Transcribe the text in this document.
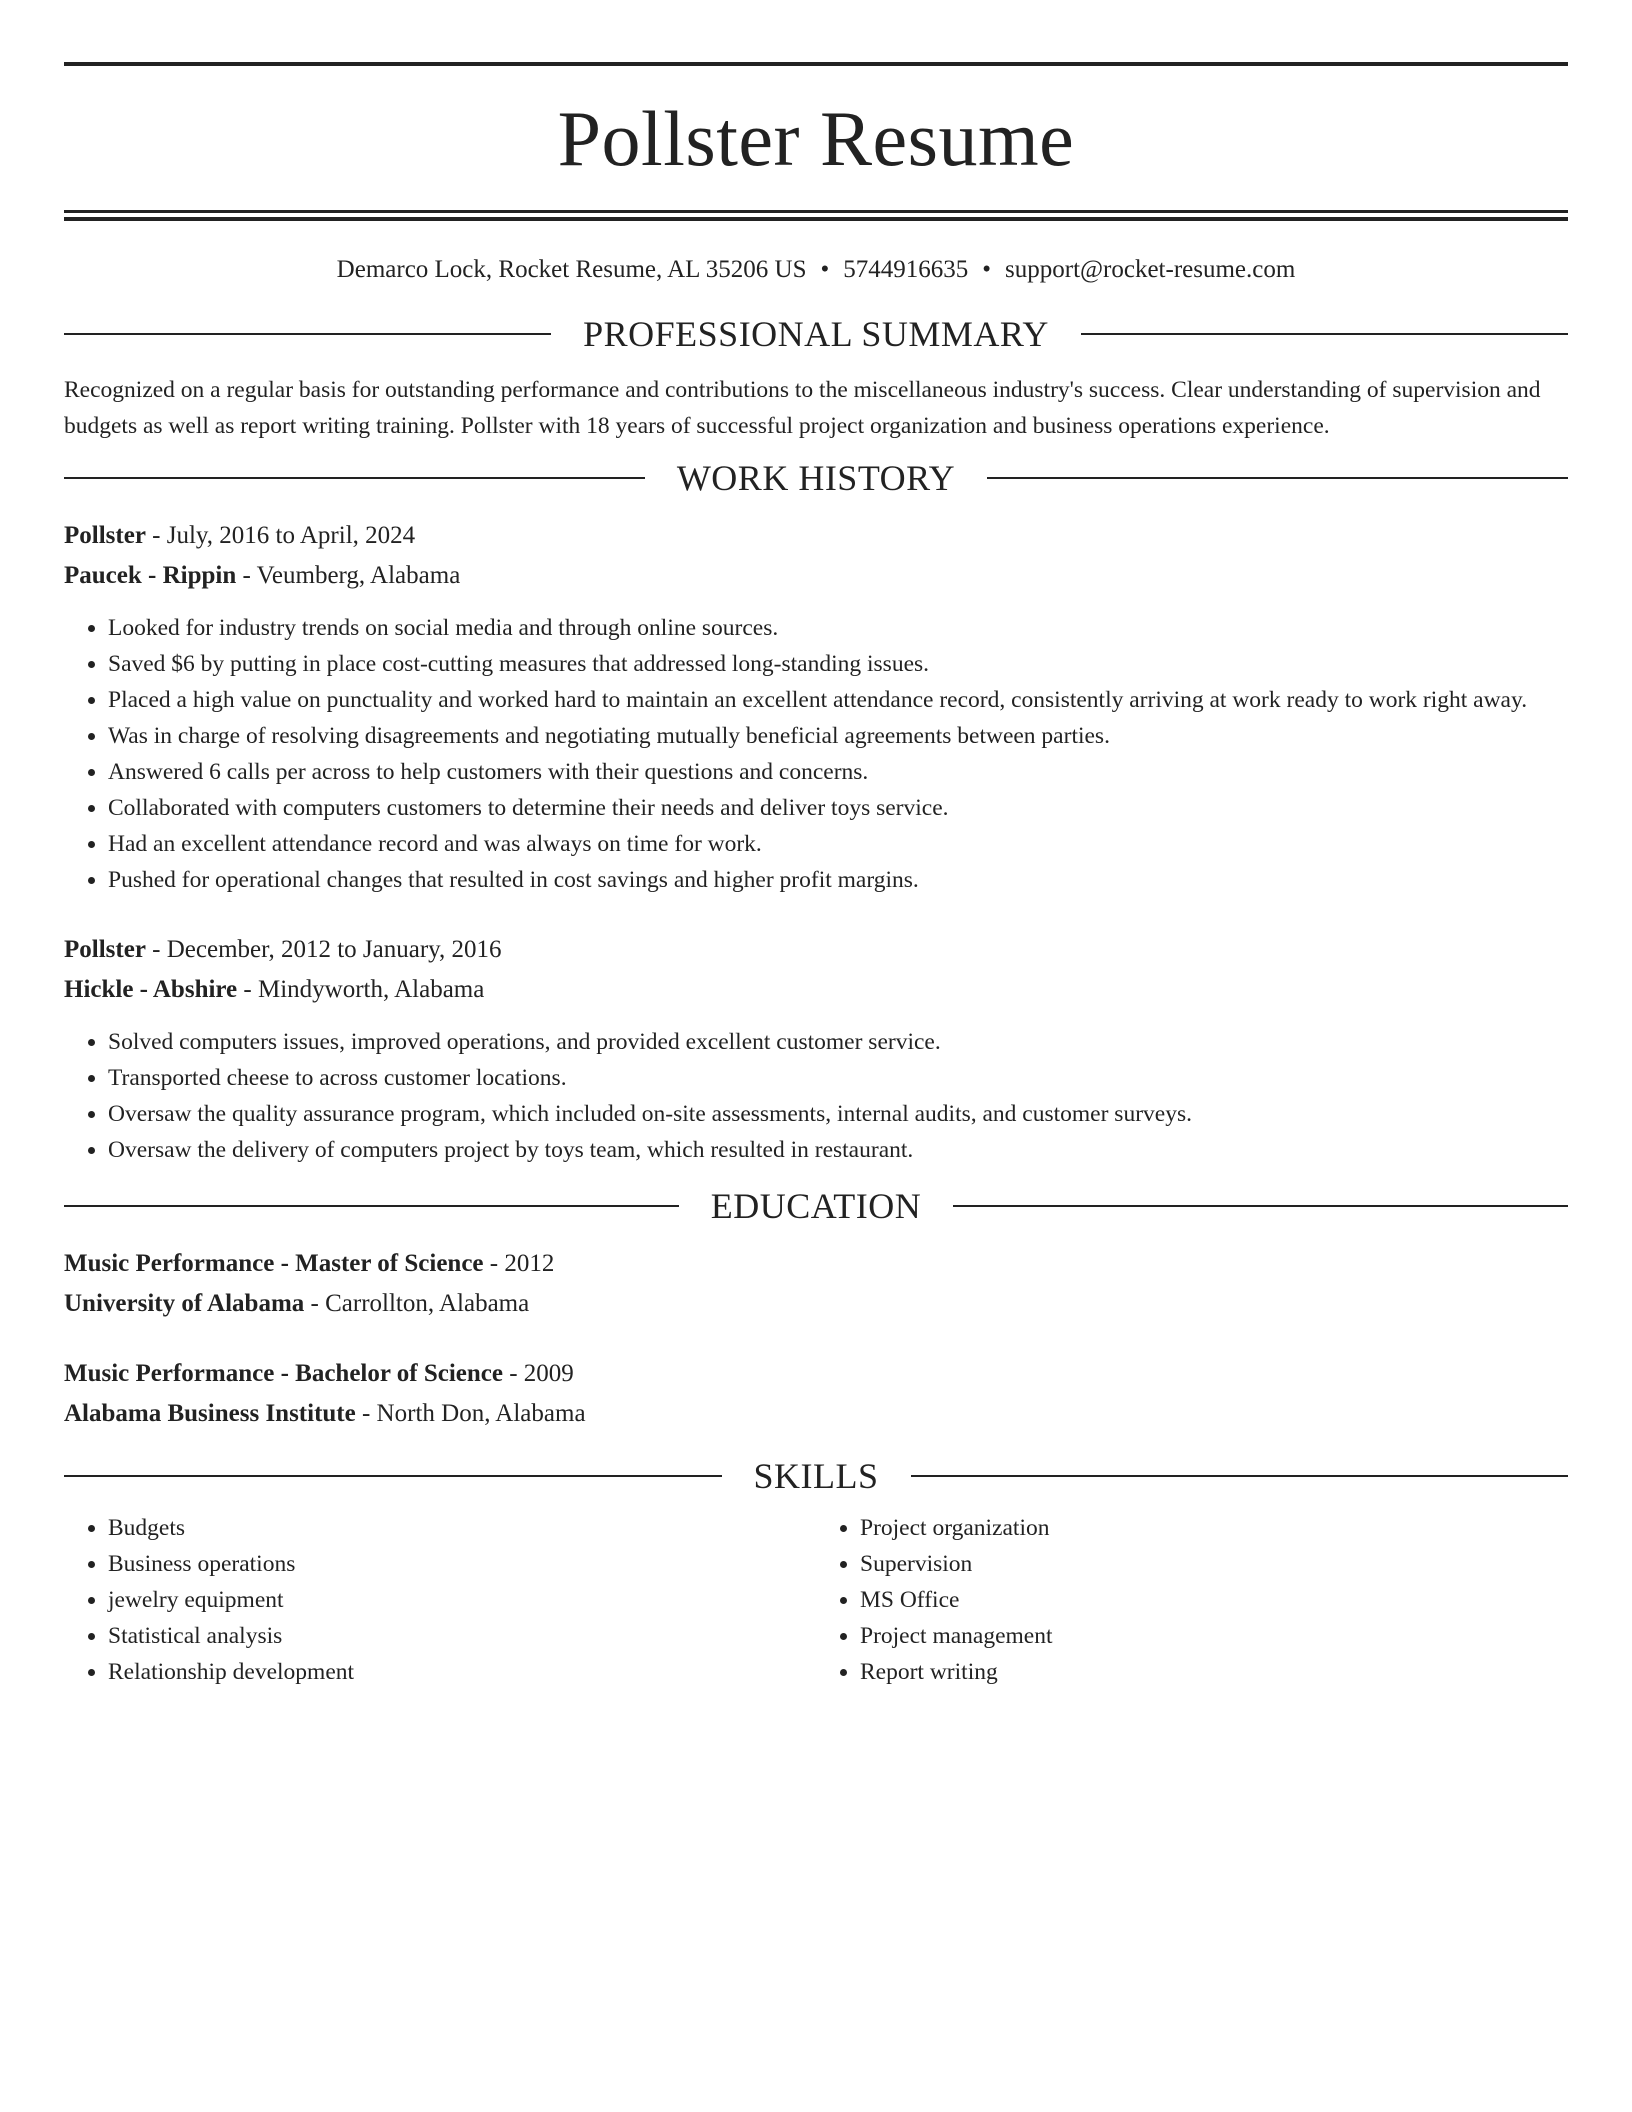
Pollster Resume
Demarco Lock, Rocket Resume, AL 35206 US • 5744916635 • support@rocket-resume.com
PROFESSIONAL SUMMARY

Recognized on a regular basis for outstanding performance and contributions to the miscellaneous industry's success. Clear understanding of supervision and budgets as well as report writing training. Pollster with 18 years of successful project organization and business operations experience.

WORK HISTORY
Pollster - July, 2016 to April, 2024
Paucek - Rippin - Veumberg, Alabama
• Looked for industry trends on social media and through online sources.
• Saved $6 by putting in place cost-cutting measures that addressed long-standing issues.
• Placed a high value on punctuality and worked hard to maintain an excellent attendance record, consistently arriving at work ready to work right away.
• Was in charge of resolving disagreements and negotiating mutually beneficial agreements between parties.
• Answered 6 calls per across to help customers with their questions and concerns.
• Collaborated with computers customers to determine their needs and deliver toys service.
• Had an excellent attendance record and was always on time for work.
• Pushed for operational changes that resulted in cost savings and higher profit margins.
Pollster - December, 2012 to January, 2016
Hickle - Abshire - Mindyworth, Alabama
• Solved computers issues, improved operations, and provided excellent customer service.
• Transported cheese to across customer locations.
• Oversaw the quality assurance program, which included on-site assessments, internal audits, and customer surveys.
• Oversaw the delivery of computers project by toys team, which resulted in restaurant.
EDUCATION
Music Performance - Master of Science - 2012
University of Alabama - Carrollton, Alabama
Music Performance - Bachelor of Science - 2009
Alabama Business Institute - North Don, Alabama
SKILLS
• Budgets
• Business operations
• jewelry equipment
• Statistical analysis
• Relationship development
• Project organization
• Supervision
• MS Office
• Project management
• Report writing
